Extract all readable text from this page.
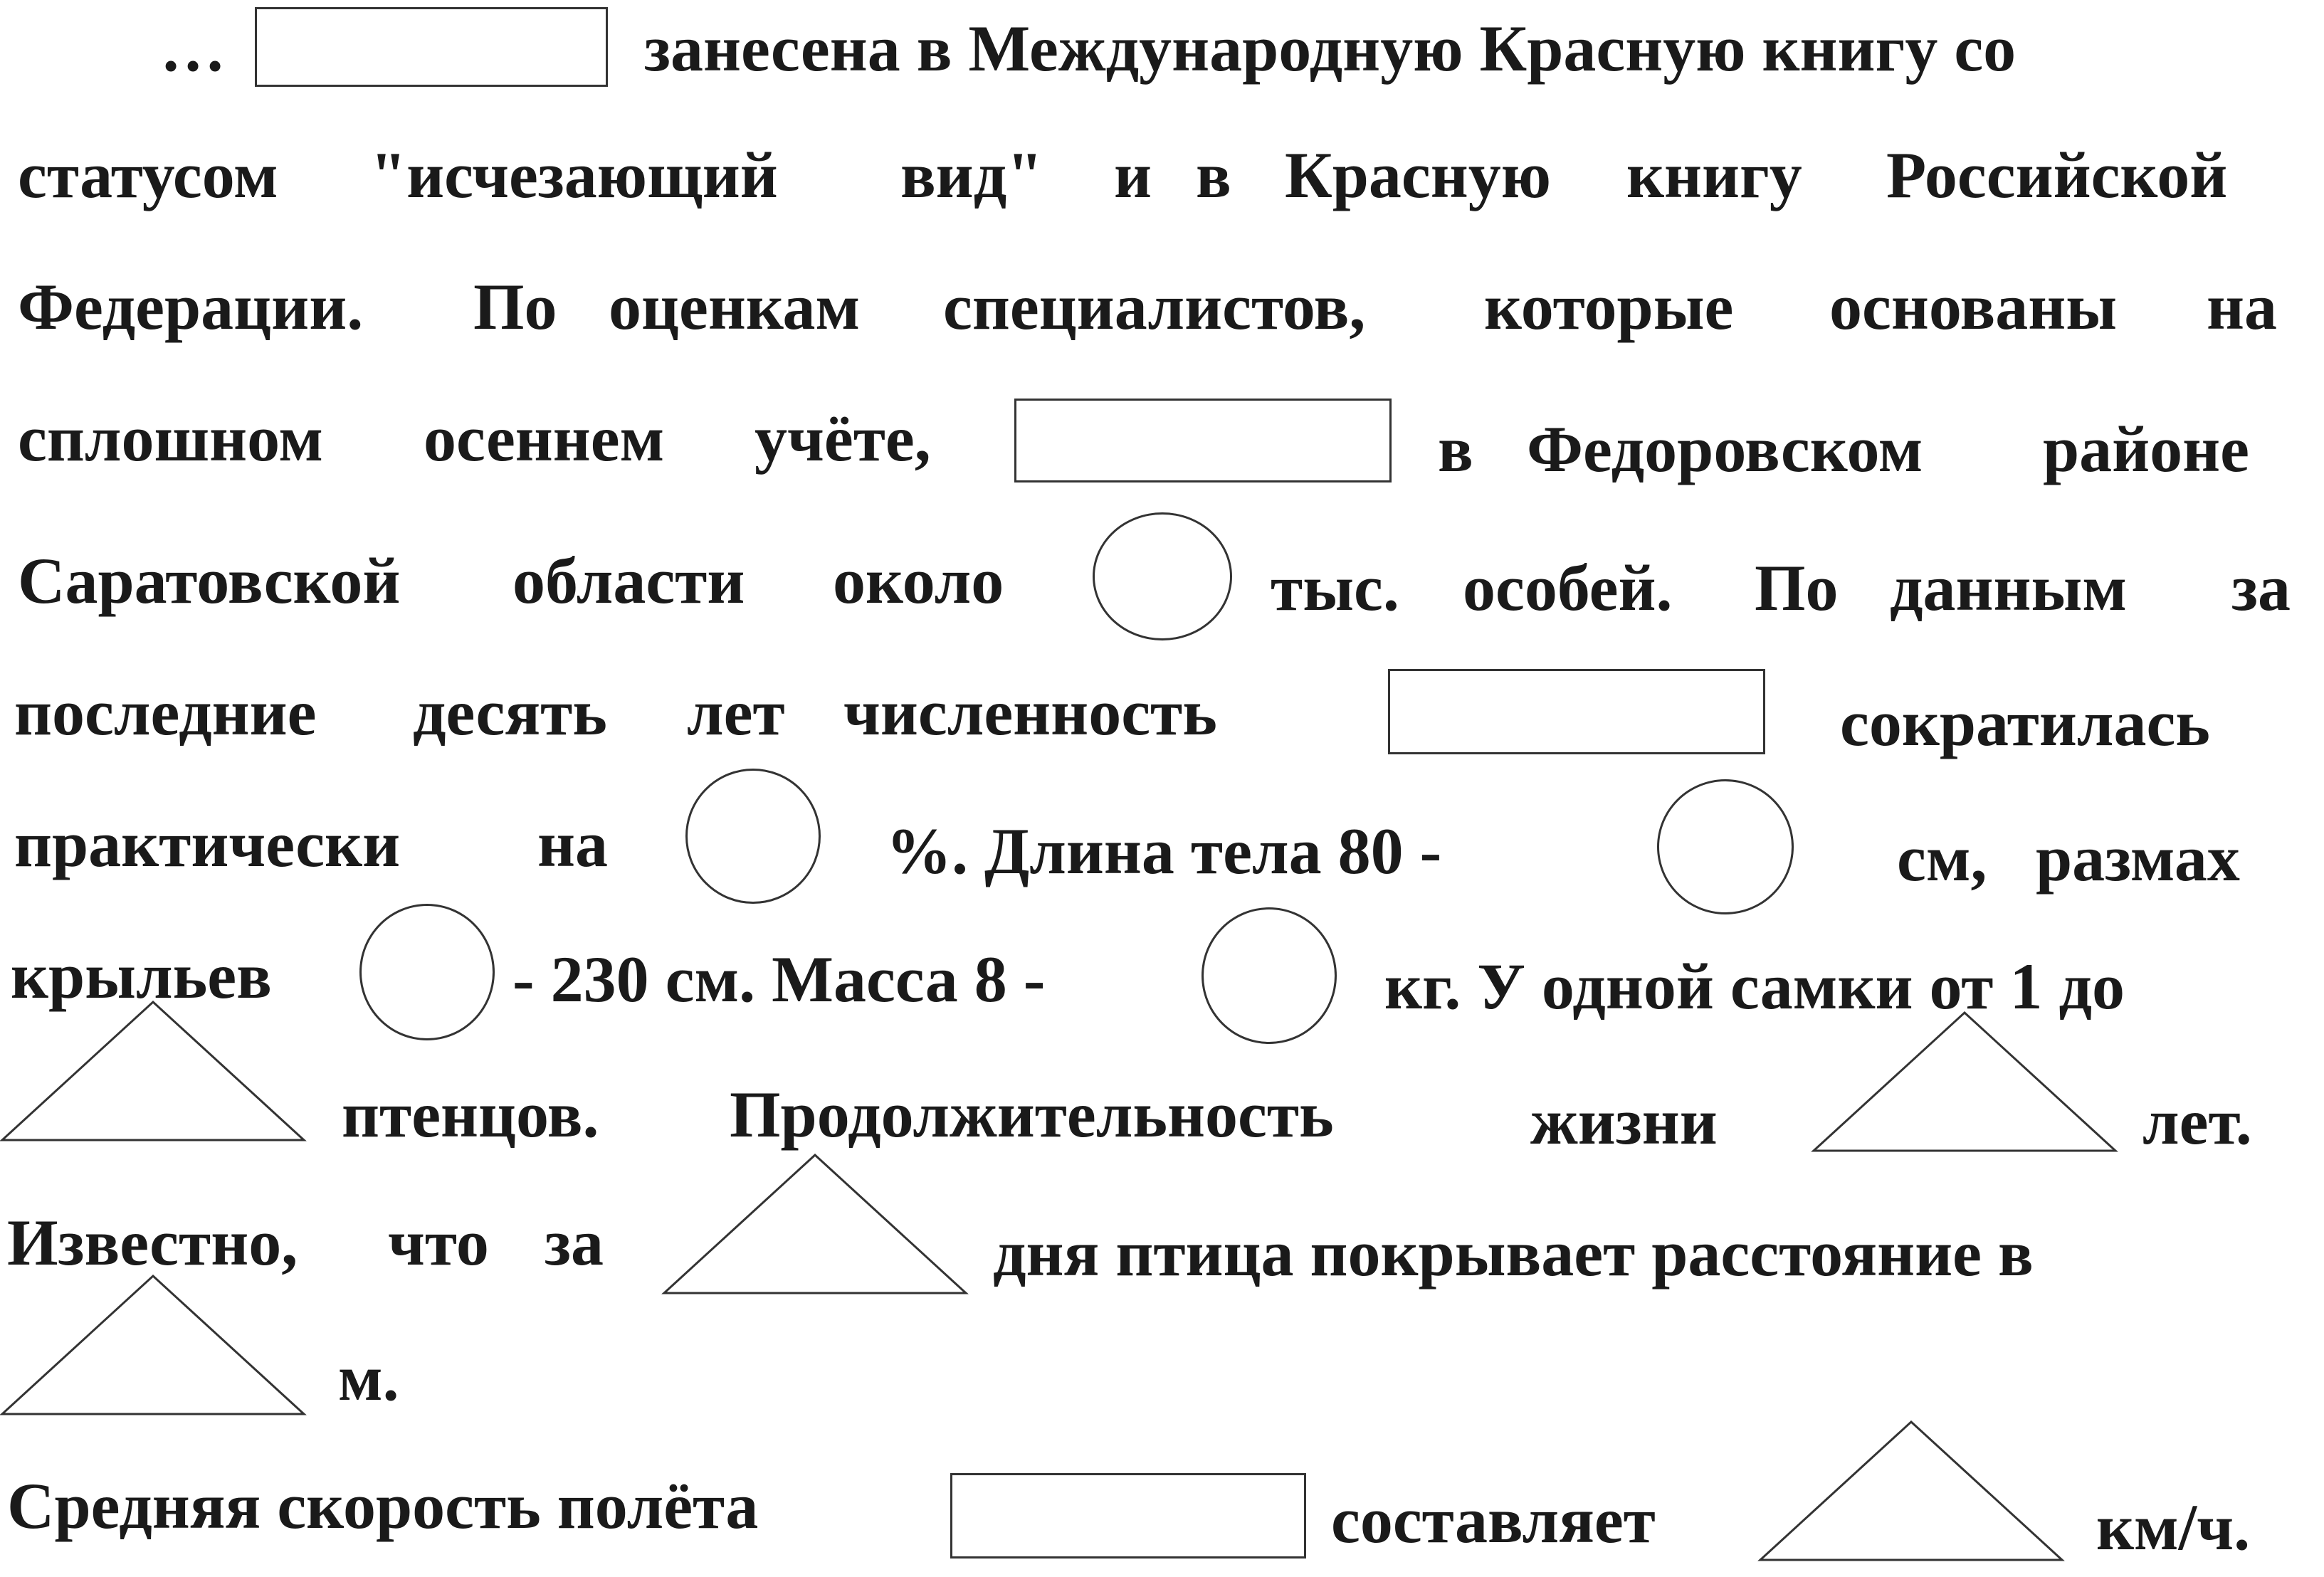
…	занесена в Международную Красную книгу со
статусом "исчезающий вид" и в Красную книгу Российской
Федерации. По оценкам специалистов, которые основаны на
сплошном осеннем учёте,	в Федоровском районе
Саратовской области около	тыс. особей. По данным за
последние десять лет численность	сократилась
практически на	%. Длина тела 80 -	см, размах
крыльев	- 230 см. Масса 8 -	кг. У одной самки от 1 до
птенцов. Продолжительность	жизни	лет.
Известно, что за	дня птица покрывает расстояние в
м.
Средняя скорость полёта	составляет	км/ч.
